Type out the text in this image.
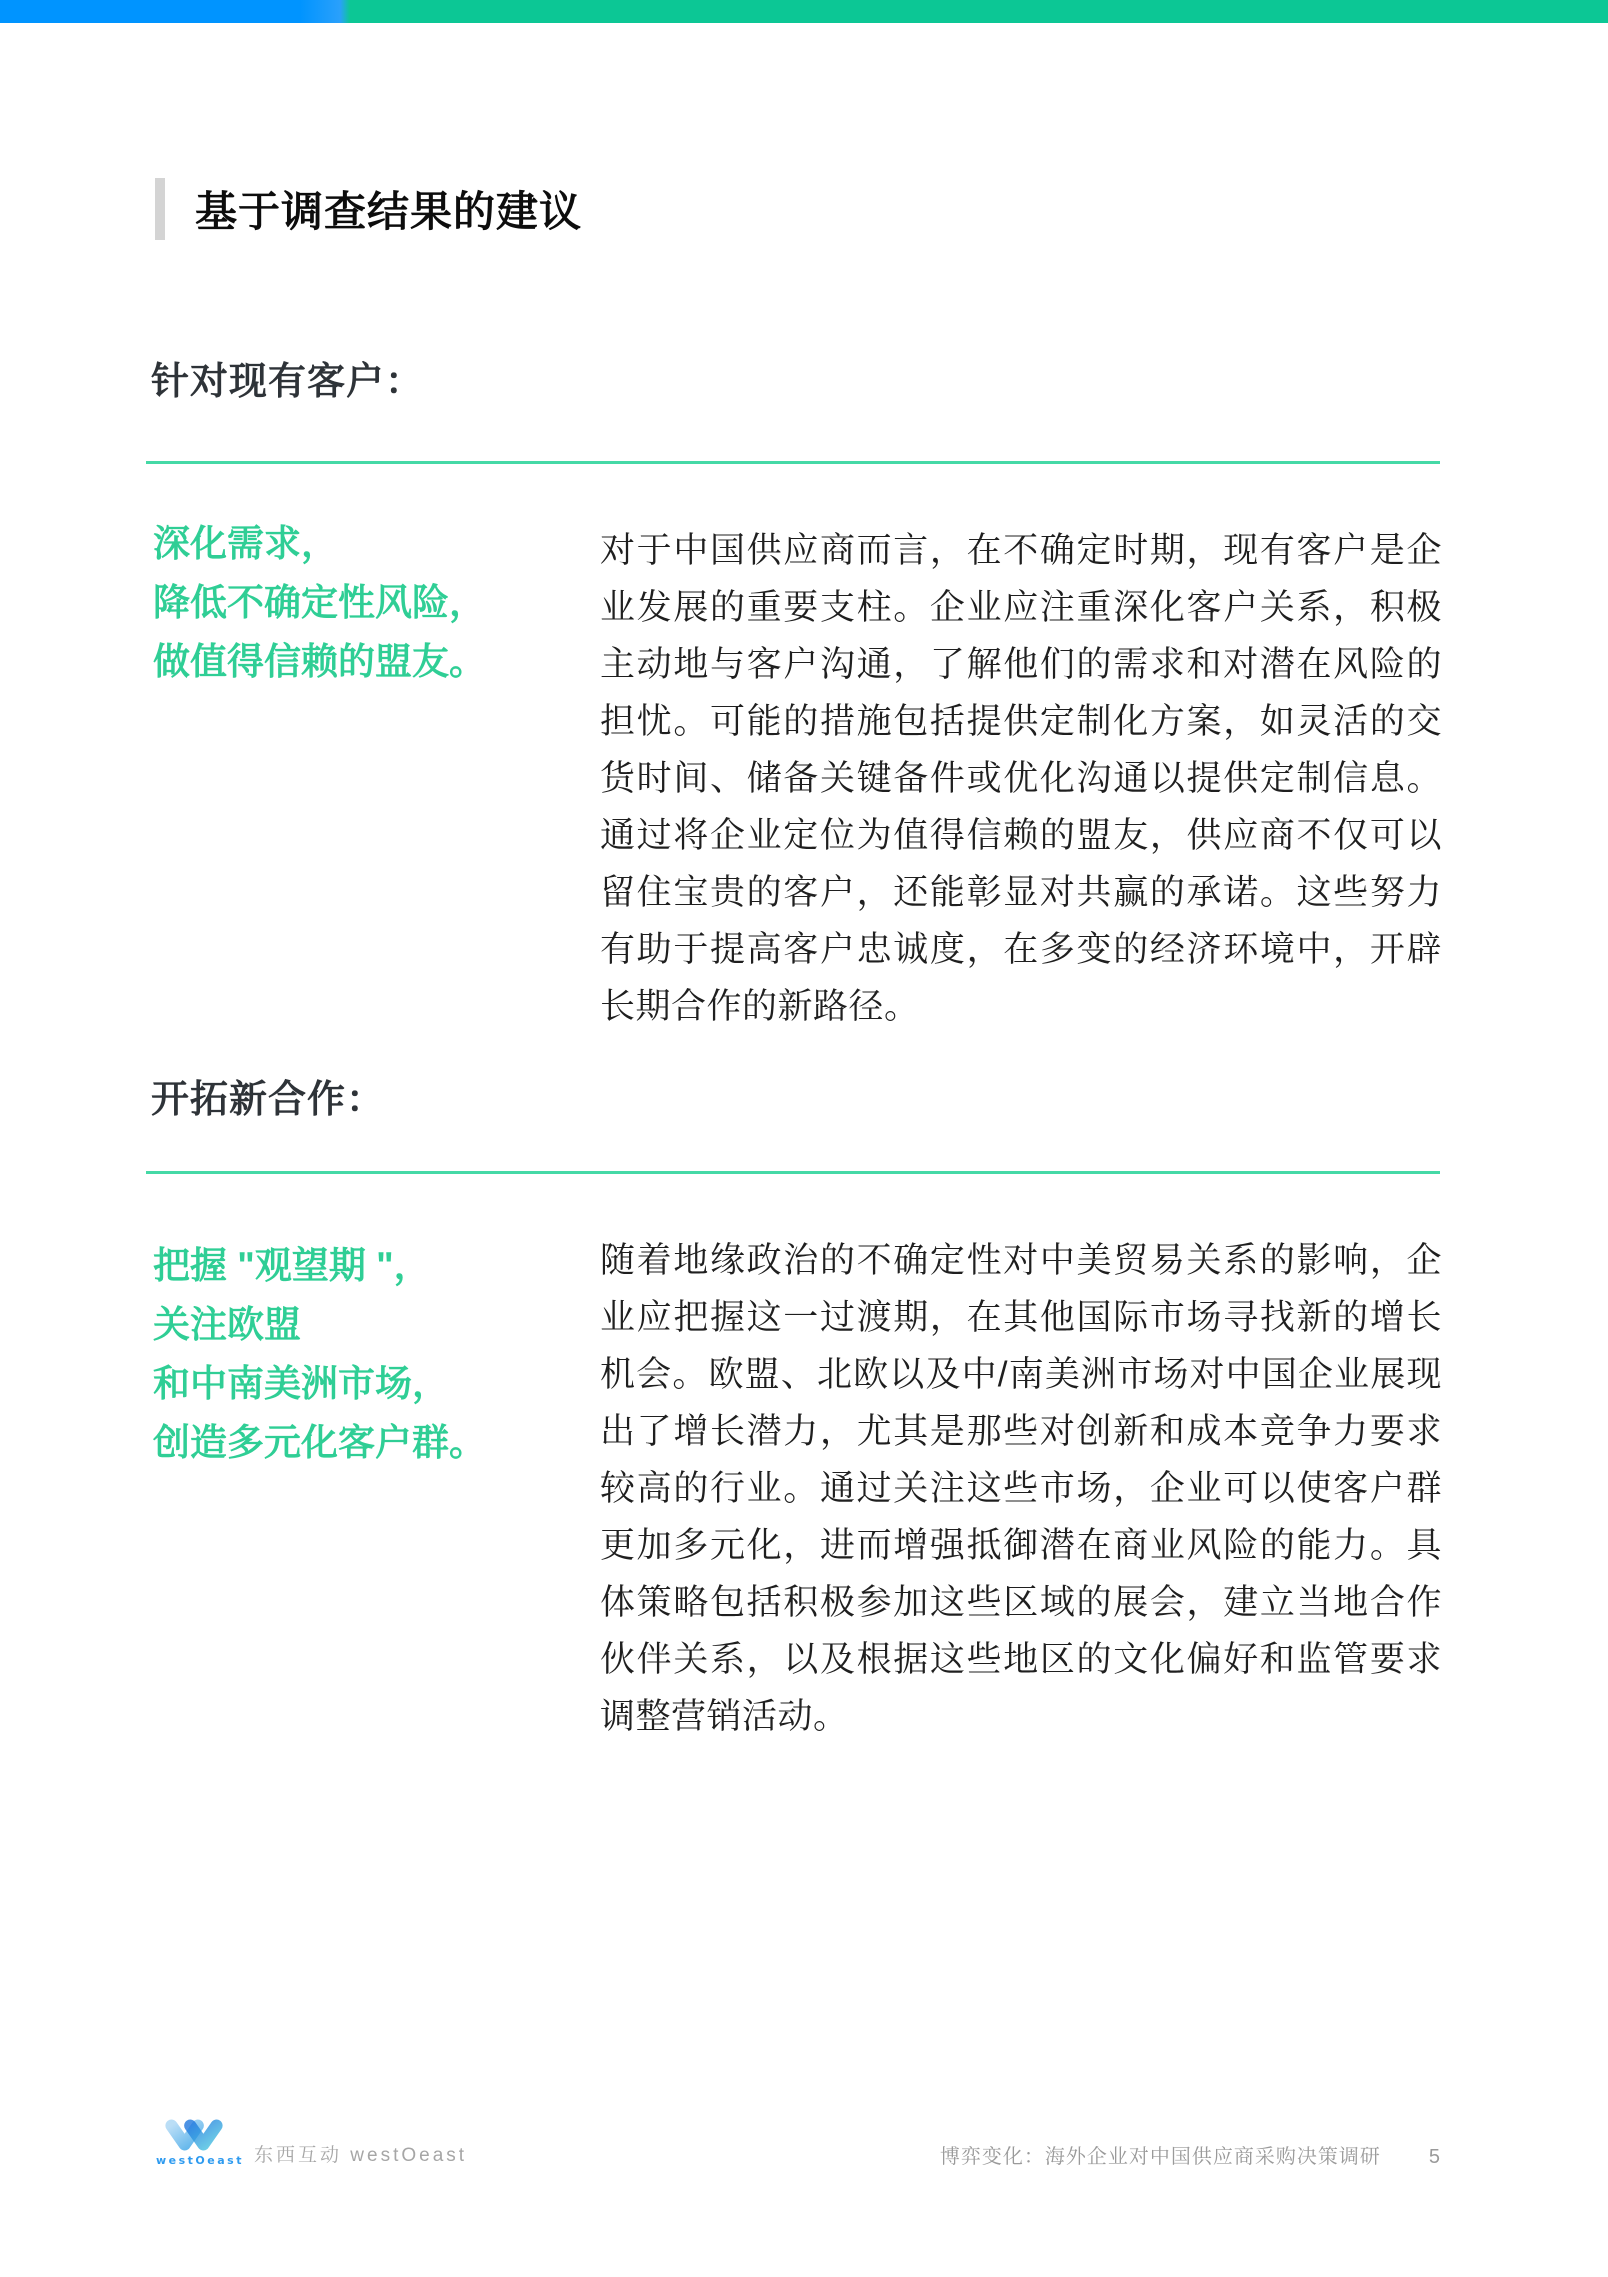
基于调查结果的建议
针对现有客户：
深化需求，
降低不确定性风险，
做值得信赖的盟友。
对于中国供应商而言，在不确定时期，现有客户是企业发展的重要支柱。企业应注重深化客户关系，积极主动地与客户沟通，了解他们的需求和对潜在风险的担忧。可能的措施包括提供定制化方案，如灵活的交货时间、储备关键备件或优化沟通以提供定制信息。通过将企业定位为值得信赖的盟友，供应商不仅可以留住宝贵的客户，还能彰显对共赢的承诺。这些努力有助于提高客户忠诚度，在多变的经济环境中，开辟长期合作的新路径。
开拓新合作：
把握 "观望期 "，
关注欧盟
和中南美洲市场，
创造多元化客户群。
随着地缘政治的不确定性对中美贸易关系的影响，企业应把握这一过渡期，在其他国际市场寻找新的增长机会。欧盟、北欧以及中/南美洲市场对中国企业展现出了增长潜力，尤其是那些对创新和成本竞争力要求较高的行业。通过关注这些市场，企业可以使客户群更加多元化，进而增强抵御潜在商业风险的能力。具体策略包括积极参加这些区域的展会，建立当地合作伙伴关系，以及根据这些地区的文化偏好和监管要求调整营销活动。
westOeast 东西互动 westOeast	博弈变化：海外企业对中国供应商采购决策调研 5
